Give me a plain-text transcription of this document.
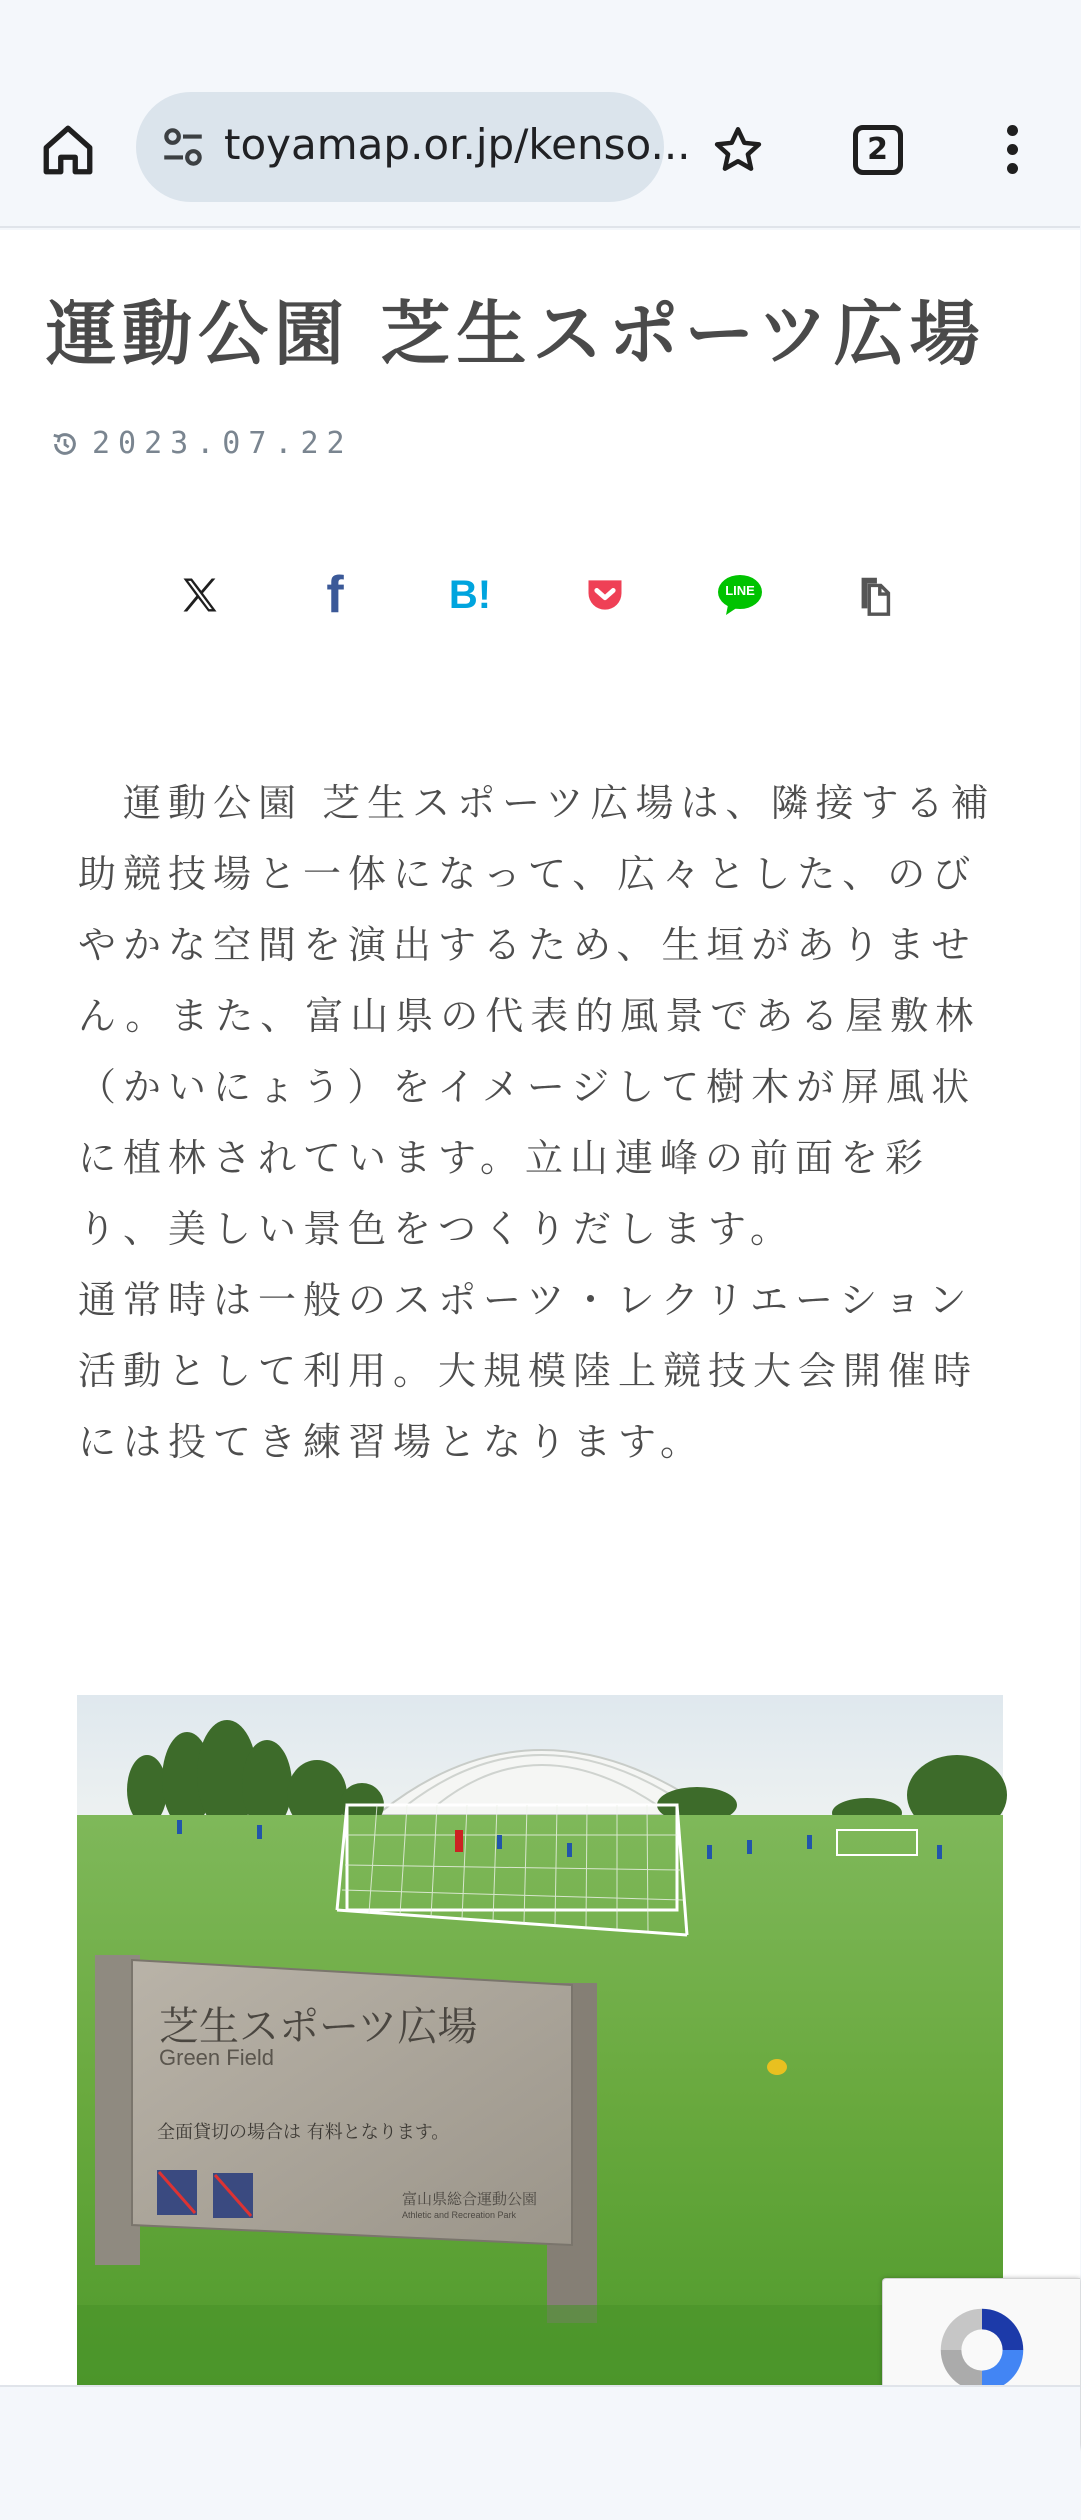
toyamap.or.jp/kenso...	2
運動公園 芝生スポーツ広場
2023.07.22
f	B!	LINE

　運動公園 芝生スポーツ広場は、隣接する補助競技場と一体になって、広々とした、のびやかな空間を演出するため、生垣がありません。また、富山県の代表的風景である屋敷林（かいにょう）をイメージして樹木が屏風状に植林されています。立山連峰の前面を彩り、美しい景色をつくりだします。

通常時は一般のスポーツ・レクリエーション活動として利用。大規模陸上競技大会開催時には投てき練習場となります。

芝生スポーツ広場
Green Field
全面貸切の場合は 有料となります。
富山県総合運動公園
Athletic and Recreation Park
